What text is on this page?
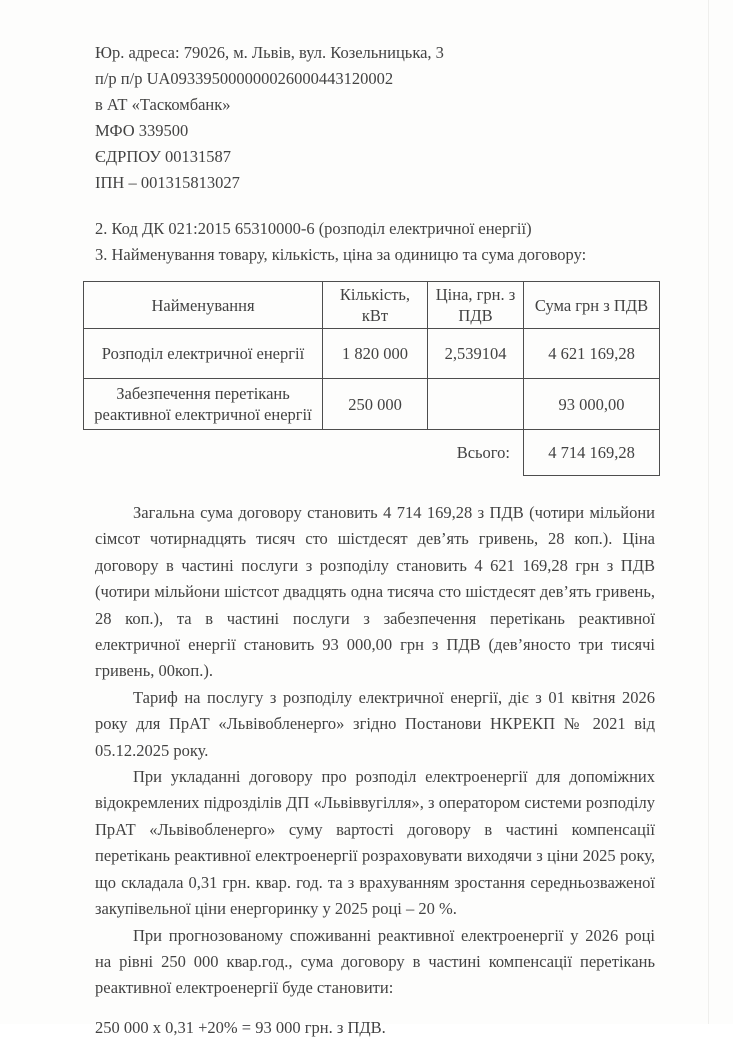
Юр. адреса: 79026, м. Львів, вул. Козельницька, 3
п/р п/р UA093395000000026000443120002
в АТ «Таскомбанк»
МФО 339500
ЄДРПОУ 00131587
ІПН – 001315813027
2. Код ДК 021:2015 65310000-6 (розподіл електричної енергії)
3. Найменування товару, кількість, ціна за одиницю та сума договору:
Найменування	Кількість, кВт	Ціна, грн. з ПДВ	Сума грн з ПДВ
Розподіл електричної енергії	1 820 000	2,539104	4 621 169,28
Забезпечення перетікань реактивної електричної енергії	250 000		93 000,00
Всього:			4 714 169,28

Загальна сума договору становить 4 714 169,28 з ПДВ (чотири мільйони сімсот чотирнадцять тисяч сто шістдесят дев’ять гривень, 28 коп.). Ціна договору в частині послуги з розподілу становить 4 621 169,28 грн з ПДВ (чотири мільйони шістсот двадцять одна тисяча сто шістдесят дев’ять гривень, 28 коп.), та в частині послуги з забезпечення перетікань реактивної електричної енергії становить 93 000,00 грн з ПДВ (дев’яносто три тисячі гривень, 00коп.).

Тариф на послугу з розподілу електричної енергії, діє з 01 квітня 2026 року для ПрАТ «Львівобленерго» згідно Постанови НКРЕКП № 2021 від 05.12.2025 року.

При укладанні договору про розподіл електроенергії для допоміжних відокремлених підрозділів ДП «Львіввугілля», з оператором системи розподілу ПрАТ «Львівобленерго» суму вартості договору в частині компенсації перетікань реактивної електроенергії розраховувати виходячи з ціни 2025 року, що складала 0,31 грн. квар. год. та з врахуванням зростання середньозваженої закупівельної ціни енергоринку у 2025 році – 20 %.

При прогнозованому споживанні реактивної електроенергії у 2026 році на рівні 250 000 квар.год., сума договору в частині компенсації перетікань реактивної електроенергії буде становити:

250 000 x 0,31 +20% = 93 000 грн. з ПДВ.
